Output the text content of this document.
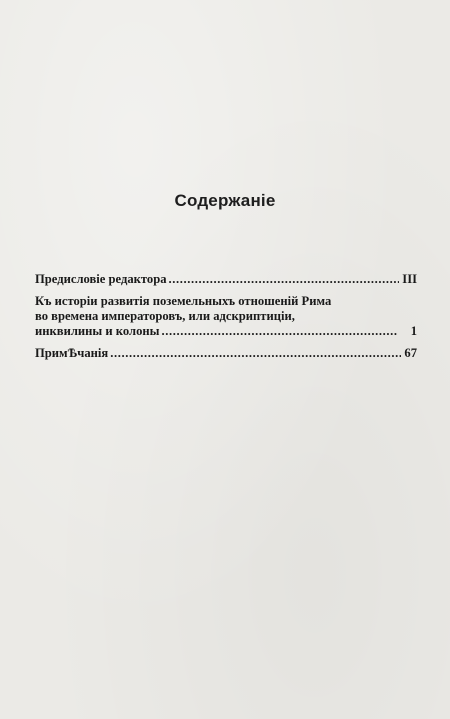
Содержаніе
Предисловіе редактора .....	III
Къ исторіи развитія поземельныхъ отношеній Рима
во времена императоровъ, или адскриптиціи,
инквилины и колоны .....	1
ПримѢчанія .....	67
